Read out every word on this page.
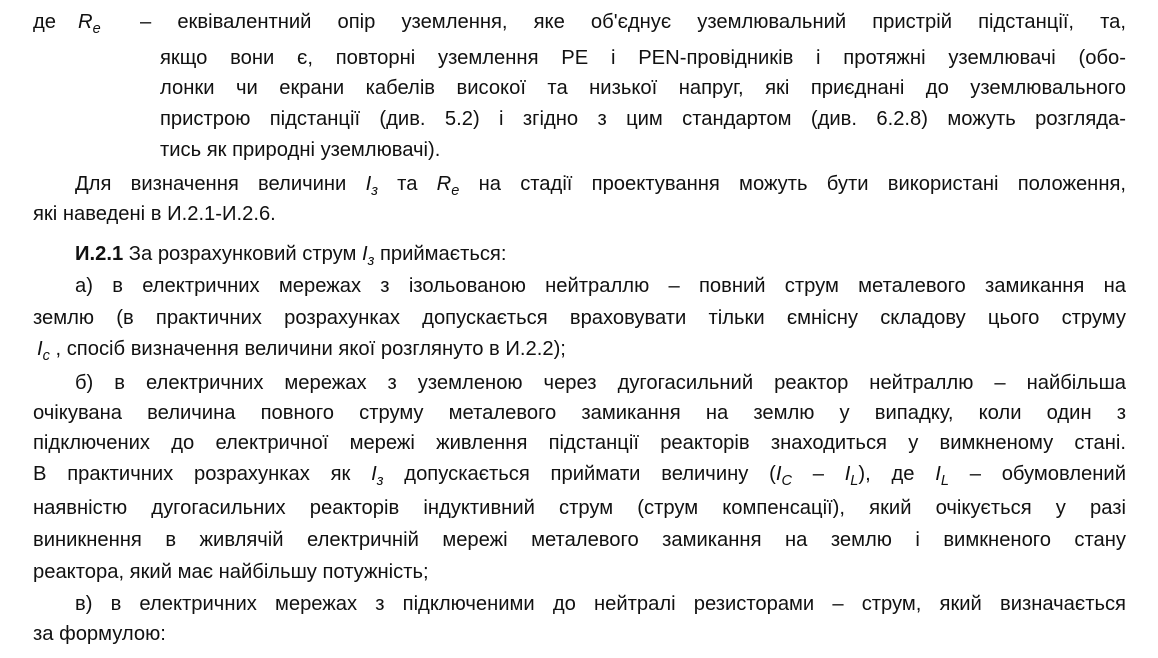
де $R_e$ – еквівалентний опір уземлення, яке об'єднує уземлювальний пристрій підстанції, та,
якщо вони є, повторні уземлення PE і PEN-провідників і протяжні уземлювачі (обо-
лонки чи екрани кабелів високої та низької напруг, які приєднані до уземлювального
пристрою підстанції (див. 5.2) і згідно з цим стандартом (див. 6.2.8) можуть розгляда-
тись як природні уземлювачі).
Для визначення величини $I_з$ та $R_e$ на стадії проектування можуть бути використані положення,
які наведені в И.2.1-И.2.6.
И.2.1 За розрахунковий струм $I_з$ приймається:
а) в електричних мережах з ізольованою нейтраллю – повний струм металевого замикання на
землю (в практичних розрахунках допускається враховувати тільки ємнісну складову цього струму
$I_c$ , спосіб визначення величини якої розглянуто в И.2.2);
б) в електричних мережах з уземленою через дугогасильний реактор нейтраллю – найбільша
очікувана величина повного струму металевого замикання на землю у випадку, коли один з
підключених до електричної мережі живлення підстанції реакторів знаходиться у вимкненому стані.
В практичних розрахунках як $I_з$ допускається приймати величину $(I_C - I_L)$, де $I_L$ – обумовлений
наявністю дугогасильних реакторів індуктивний струм (струм компенсації), який очікується у разі
виникнення в живлячій електричній мережі металевого замикання на землю і вимкненого стану
реактора, який має найбільшу потужність;
в) в електричних мережах з підключеними до нейтралі резисторами – струм, який визначається
за формулою:
